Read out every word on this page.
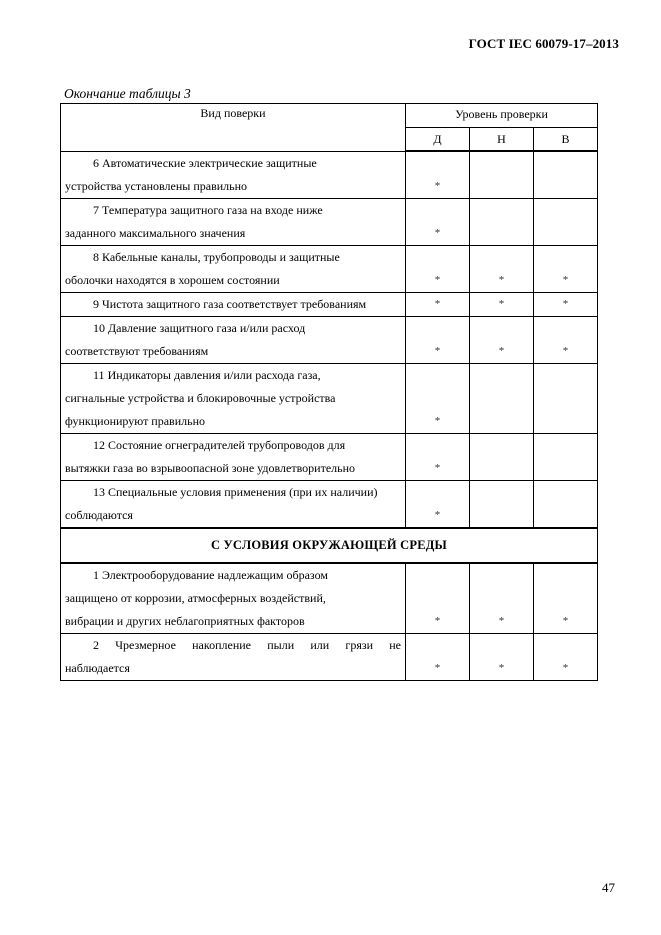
ГОСТ IEC 60079-17–2013
Окончание таблицы 3
Вид поверки	Уровень проверки		
	Д	Н	В

6 Автоматические электрические защитные
устройства установлены правильно	*		

7 Температура защитного газа на входе ниже
заданного максимального значения	*		

8 Кабельные каналы, трубопроводы и защитные
оболочки находятся в хорошем состоянии	*	*	*

9 Чистота защитного газа соответствует требованиям	*	*	*

10 Давление защитного газа и/или расход
соответствуют требованиям	*	*	*

11 Индикаторы давления и/или расхода газа,
сигнальные устройства и блокировочные устройства
функционируют правильно	*		

12 Состояние огнеградителей трубопроводов для
вытяжки газа во взрывоопасной зоне удовлетворительно	*		

13 Специальные условия применения (при их наличии)
соблюдаются	*		
С УСЛОВИЯ ОКРУЖАЮЩЕЙ СРЕДЫ			

1 Электрооборудование надлежащим образом
защищено от коррозии, атмосферных воздействий,
вибрации и других неблагоприятных факторов	*	*	*

2 Чрезмерное накопление пыли или грязи не
наблюдается	*	*	*
47
